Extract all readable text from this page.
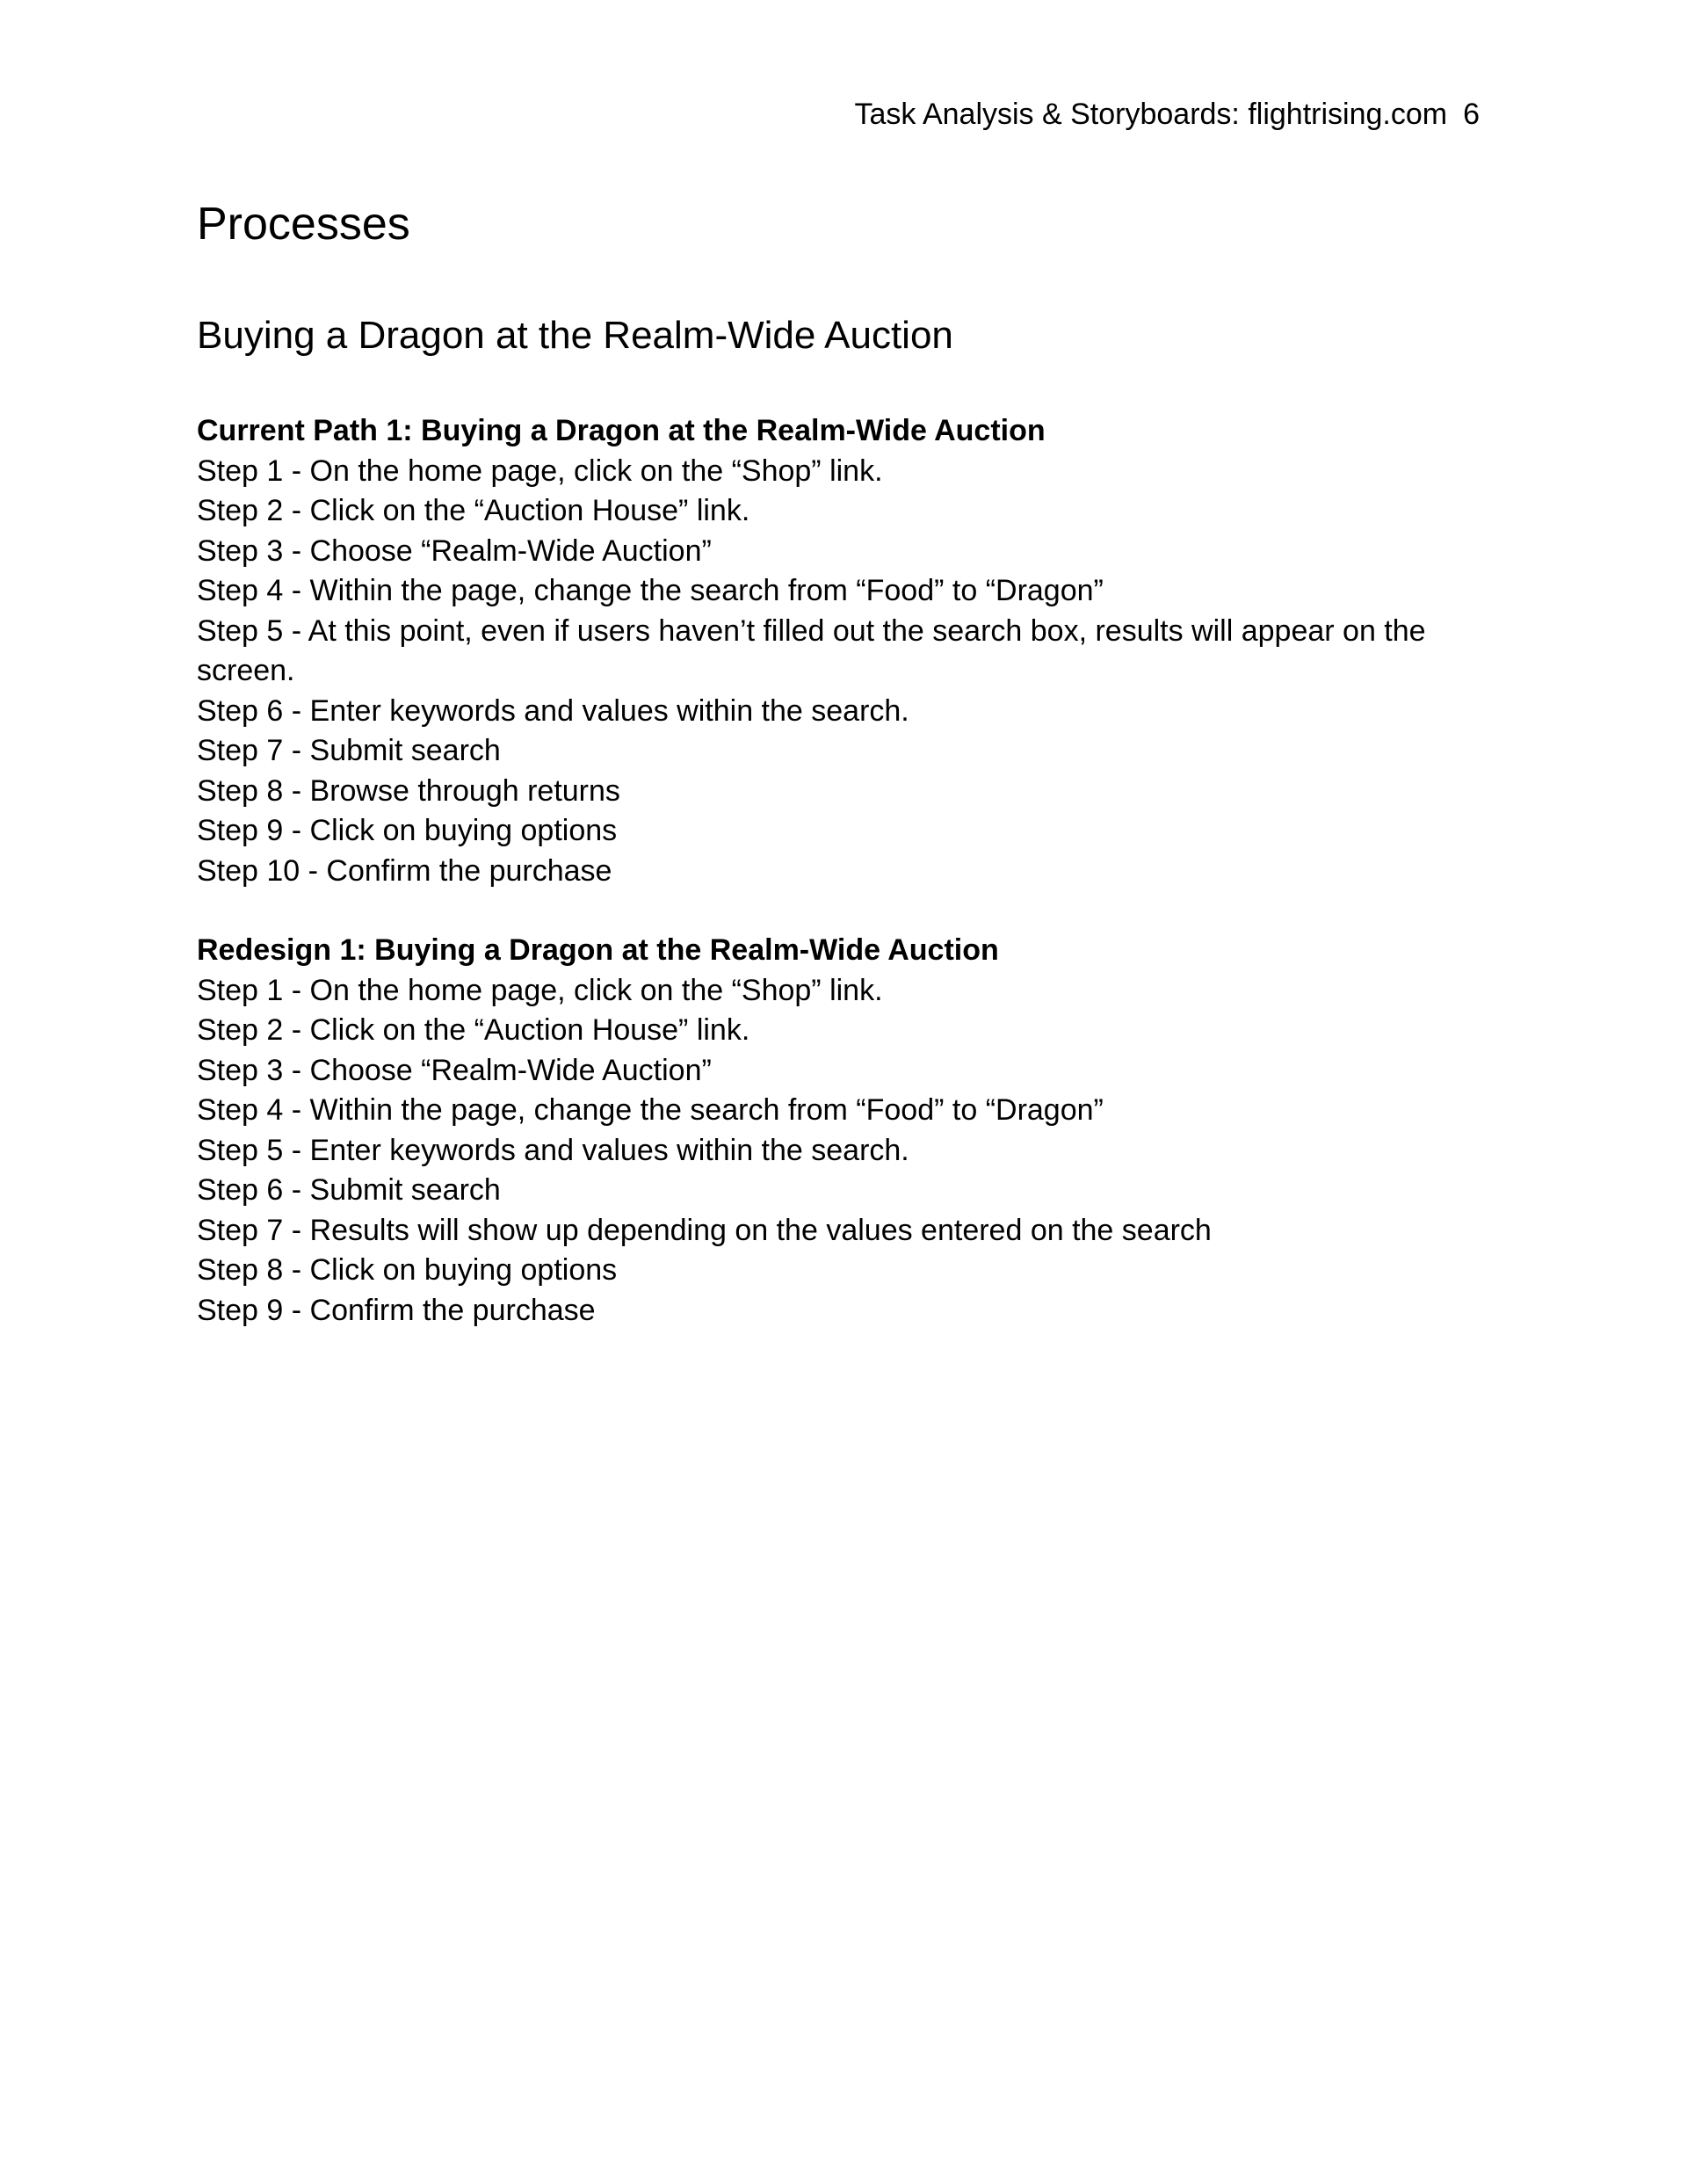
Task Analysis & Storyboards: flightrising.com 6
Processes
Buying a Dragon at the Realm-Wide Auction

Current Path 1: Buying a Dragon at the Realm-Wide Auction

Step 1 - On the home page, click on the “Shop” link.
Step 2 - Click on the “Auction House” link.
Step 3 - Choose “Realm-Wide Auction”
Step 4 - Within the page, change the search from “Food” to “Dragon”
Step 5 - At this point, even if users haven’t filled out the search box, results will appear on the screen.
Step 6 - Enter keywords and values within the search.
Step 7 - Submit search
Step 8 - Browse through returns
Step 9 - Click on buying options
Step 10 - Confirm the purchase

Redesign 1: Buying a Dragon at the Realm-Wide Auction

Step 1 - On the home page, click on the “Shop” link.
Step 2 - Click on the “Auction House” link.
Step 3 - Choose “Realm-Wide Auction”
Step 4 - Within the page, change the search from “Food” to “Dragon”
Step 5 - Enter keywords and values within the search.
Step 6 - Submit search
Step 7 - Results will show up depending on the values entered on the search
Step 8 - Click on buying options
Step 9 - Confirm the purchase
